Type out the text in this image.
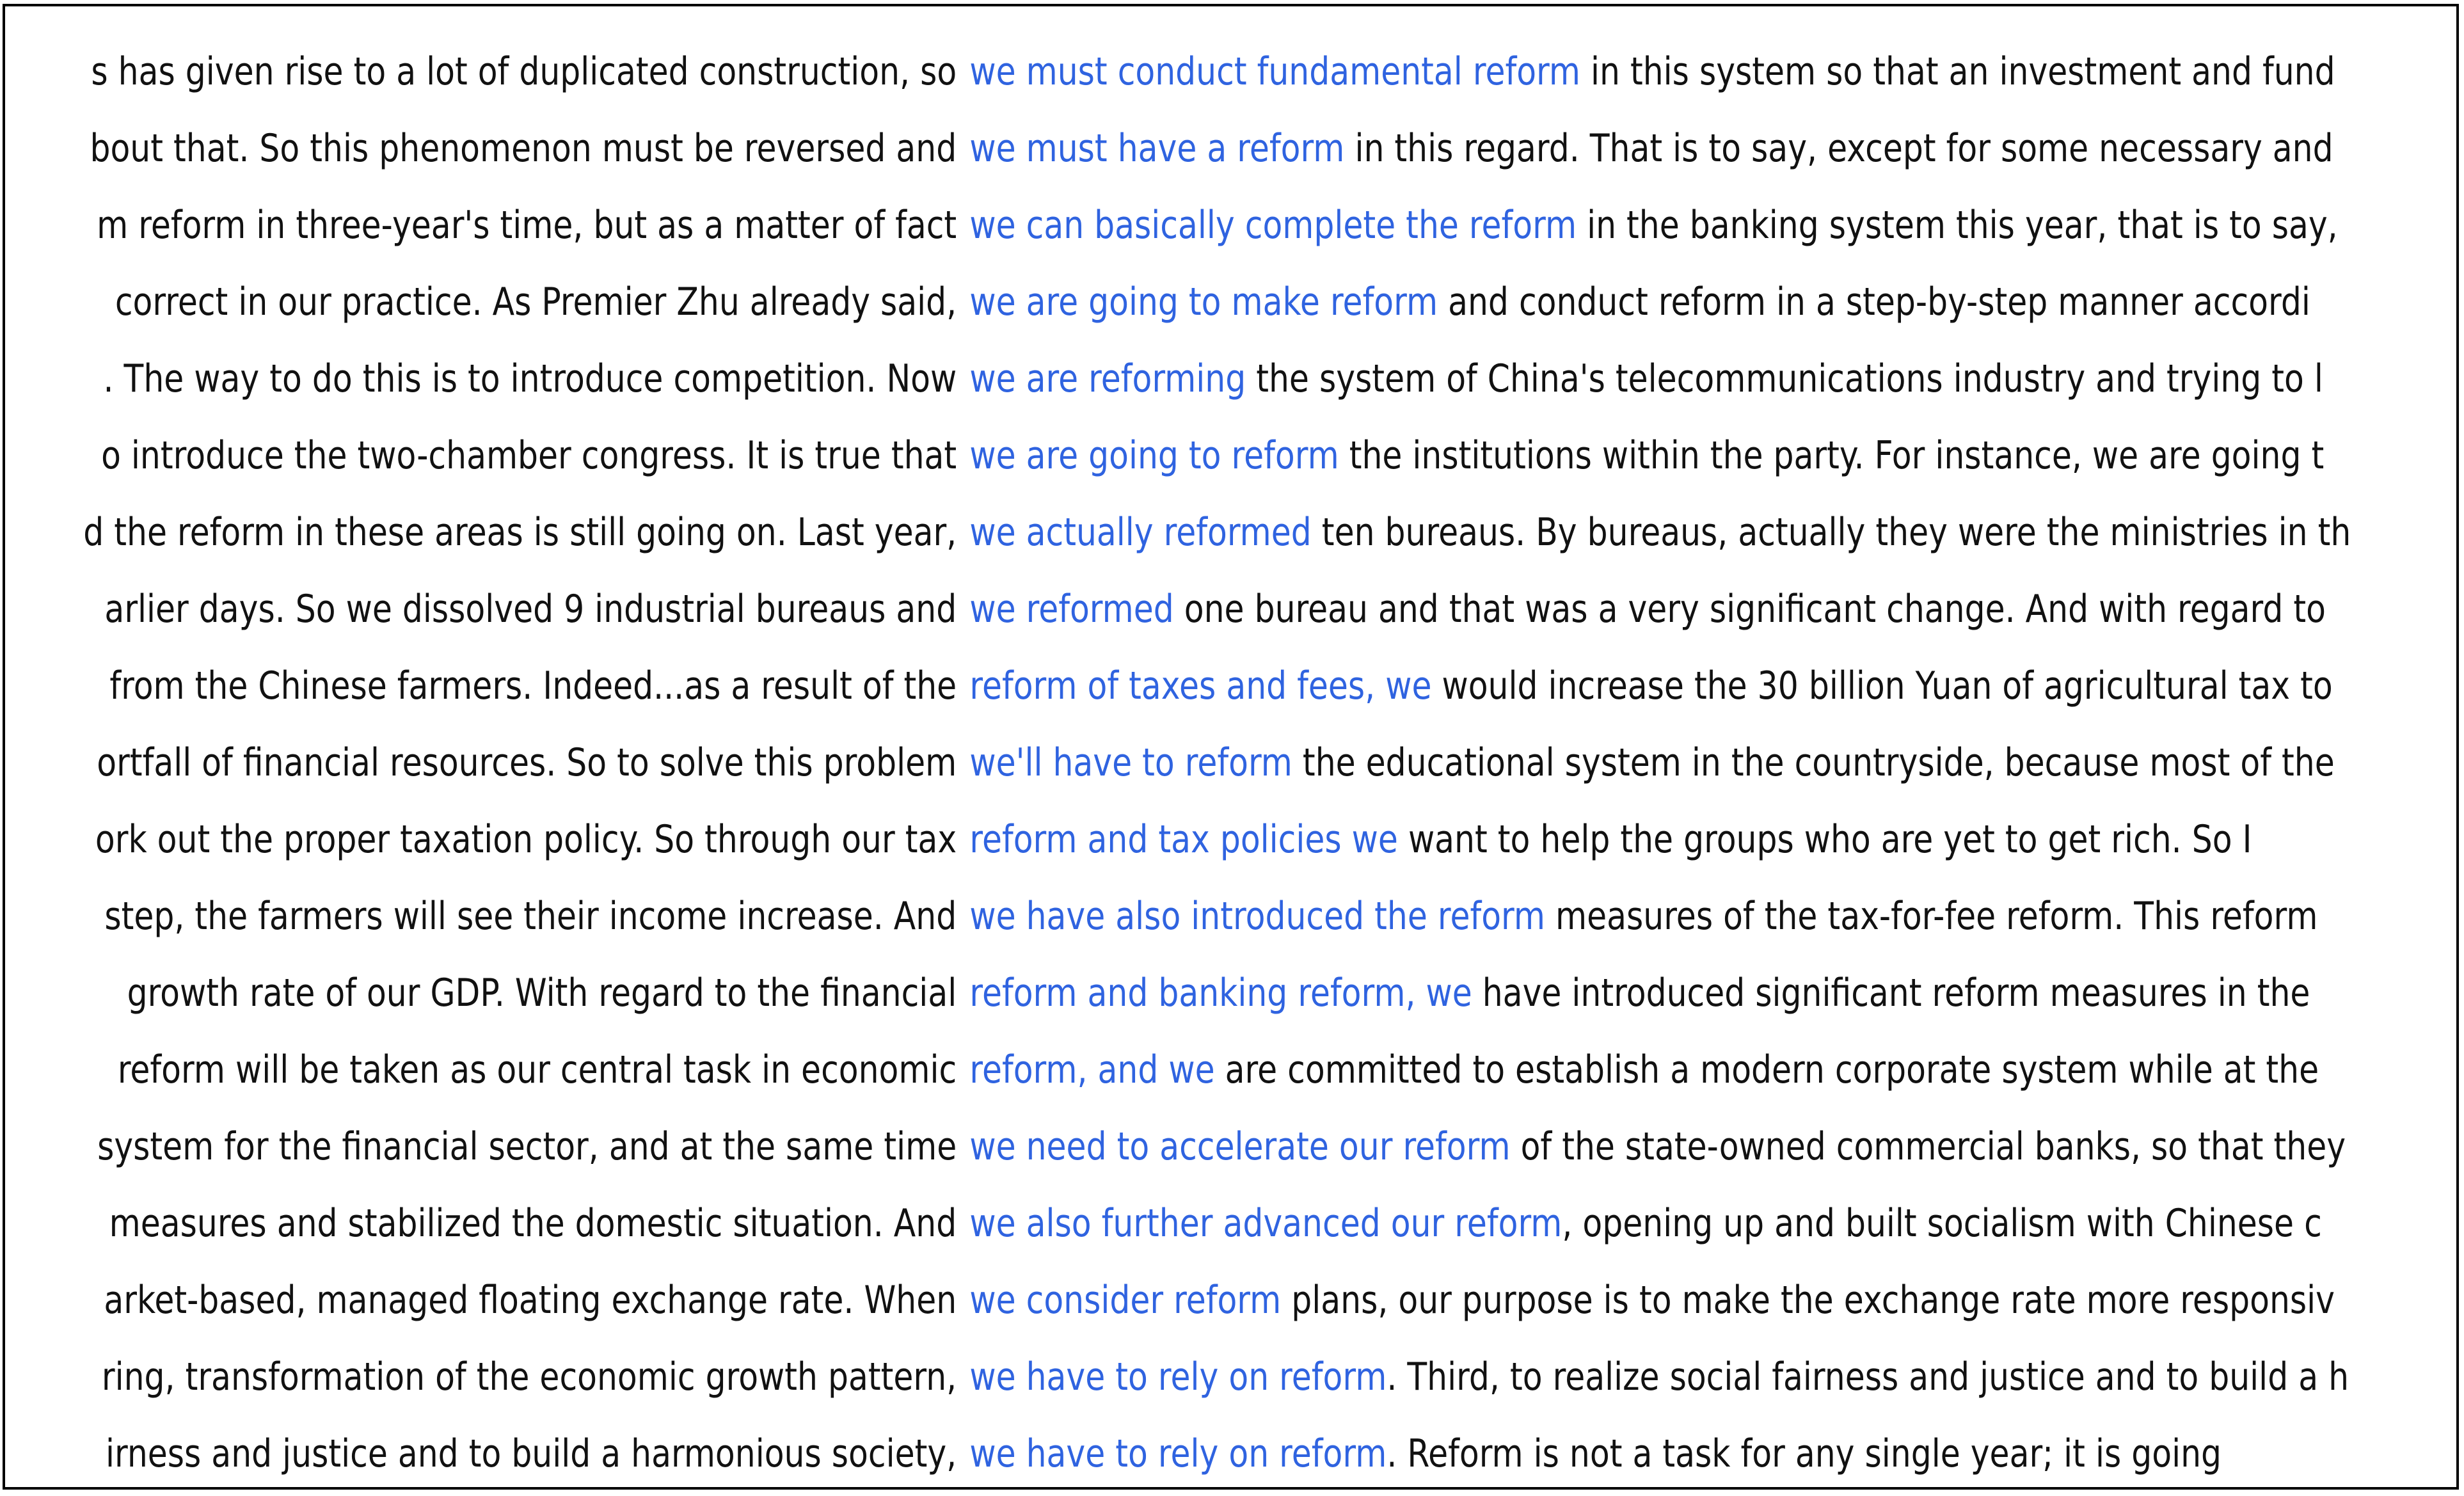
s has given rise to a lot of duplicated construction, so we must conduct fundamental reform in this system so that an investment and fund
bout that. So this phenomenon must be reversed and we must have a reform in this regard. That is to say, except for some necessary and
m reform in three-year's time, but as a matter of fact we can basically complete the reform in the banking system this year, that is to say,
correct in our practice. As Premier Zhu already said, we are going to make reform and conduct reform in a step-by-step manner accordi
. The way to do this is to introduce competition. Now we are reforming the system of China's telecommunications industry and trying to l
o introduce the two-chamber congress. It is true that we are going to reform the institutions within the party. For instance, we are going t
d the reform in these areas is still going on. Last year, we actually reformed ten bureaus. By bureaus, actually they were the ministries in th
arlier days. So we dissolved 9 industrial bureaus and we reformed one bureau and that was a very significant change. And with regard to
from the Chinese farmers. Indeed...as a result of the reform of taxes and fees, we would increase the 30 billion Yuan of agricultural tax to
ortfall of financial resources. So to solve this problem we'll have to reform the educational system in the countryside, because most of the
ork out the proper taxation policy. So through our tax reform and tax policies we want to help the groups who are yet to get rich. So I
step, the farmers will see their income increase. And we have also introduced the reform measures of the tax-for-fee reform. This reform
growth rate of our GDP. With regard to the financial reform and banking reform, we have introduced significant reform measures in the
reform will be taken as our central task in economic reform, and we are committed to establish a modern corporate system while at the
system for the financial sector, and at the same time we need to accelerate our reform of the state-owned commercial banks, so that they
measures and stabilized the domestic situation. And we also further advanced our reform, opening up and built socialism with Chinese c
arket-based, managed floating exchange rate. When we consider reform plans, our purpose is to make the exchange rate more responsiv
ring, transformation of the economic growth pattern, we have to rely on reform. Third, to realize social fairness and justice and to build a h
irness and justice and to build a harmonious society, we have to rely on reform. Reform is not a task for any single year; it is going
